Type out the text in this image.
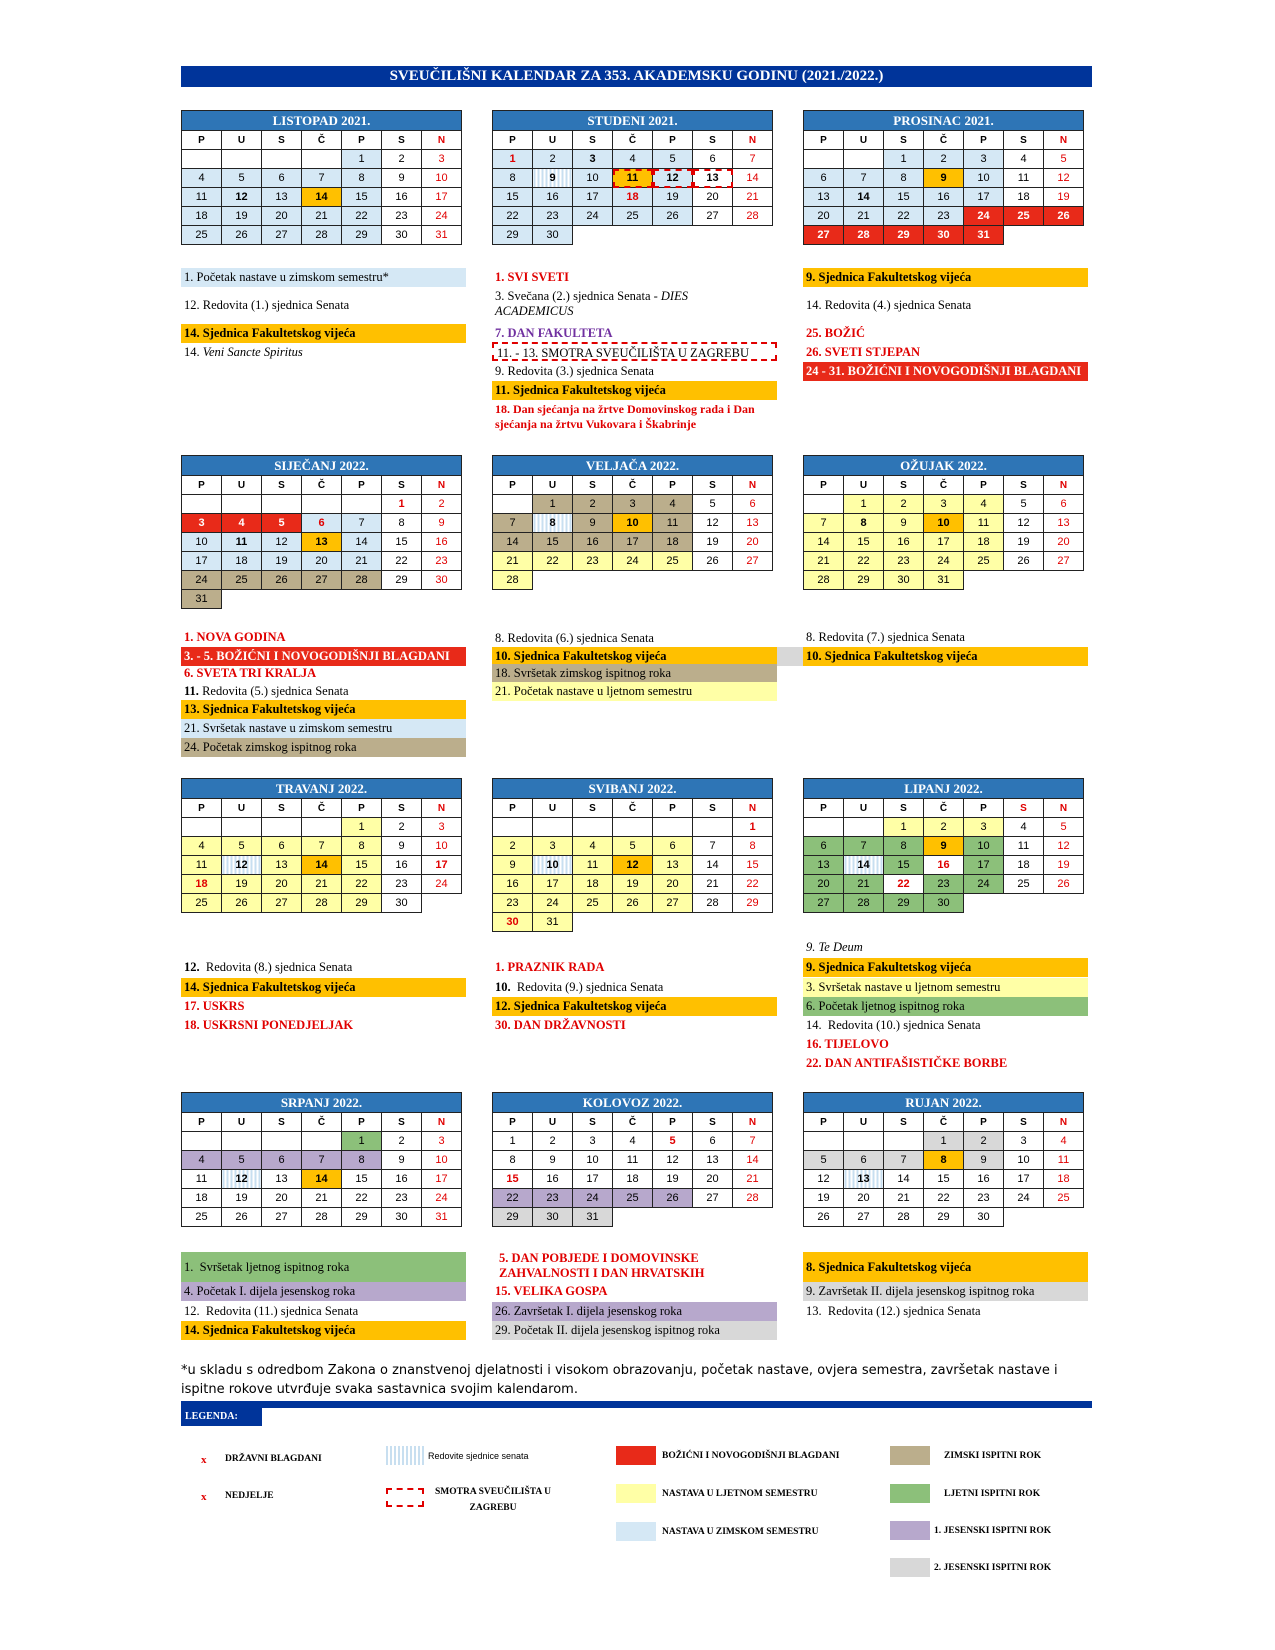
SVEUČILIŠNI KALENDAR ZA 353. AKADEMSKU GODINU (2021./2022.)
LISTOPAD 2021.						
P	U	S	Č	P	S	N
				1	2	3
4	5	6	7	8	9	10
11	12	13	14	15	16	17
18	19	20	21	22	23	24
25	26	27	28	29	30	31
STUDENI 2021.						
P	U	S	Č	P	S	N
1	2	3	4	5	6	7
8	9	10	11	12	13	14
15	16	17	18	19	20	21
22	23	24	25	26	27	28
29	30					
PROSINAC 2021.						
P	U	S	Č	P	S	N
		1	2	3	4	5
6	7	8	9	10	11	12
13	14	15	16	17	18	19
20	21	22	23	24	25	26
27	28	29	30	31		
1. Početak nastave u zimskom semestru*
12. Redovita (1.) sjednica Senata
14. Sjednica Fakultetskog vijeća
14. Veni Sancte Spiritus
1. SVI SVETI
3. Svečana (2.) sjednica Senata - DIES ACADEMICUS
7. DAN FAKULTETA
11. - 13. SMOTRA SVEUČILIŠTA U ZAGREBU
9. Redovita (3.) sjednica Senata
11. Sjednica Fakultetskog vijeća
18. Dan sjećanja na žrtve Domovinskog rada i Dan sjećanja na žrtvu Vukovara i Škabrinje
9. Sjednica Fakultetskog vijeća
14. Redovita (4.) sjednica Senata
25. BOŽIĆ
26. SVETI STJEPAN
24 - 31. BOŽIĆNI I NOVOGODIŠNJI BLAGDANI
SIJEČANJ 2022.						
P	U	S	Č	P	S	N
					1	2
3	4	5	6	7	8	9
10	11	12	13	14	15	16
17	18	19	20	21	22	23
24	25	26	27	28	29	30
31						
VELJAČA 2022.						
P	U	S	Č	P	S	N
	1	2	3	4	5	6
7	8	9	10	11	12	13
14	15	16	17	18	19	20
21	22	23	24	25	26	27
28						
OŽUJAK 2022.						
P	U	S	Č	P	S	N
	1	2	3	4	5	6
7	8	9	10	11	12	13
14	15	16	17	18	19	20
21	22	23	24	25	26	27
28	29	30	31			
1. NOVA GODINA
3. - 5. BOŽIĆNI I NOVOGODIŠNJI BLAGDANI
6. SVETA TRI KRALJA
11. Redovita (5.) sjednica Senata
13. Sjednica Fakultetskog vijeća
21. Svršetak nastave u zimskom semestru
24. Početak zimskog ispitnog roka
8. Redovita (6.) sjednica Senata
10. Sjednica Fakultetskog vijeća
18. Svršetak zimskog ispitnog roka
21. Početak nastave u ljetnom semestru
8. Redovita (7.) sjednica Senata
10. Sjednica Fakultetskog vijeća
TRAVANJ 2022.						
P	U	S	Č	P	S	N
				1	2	3
4	5	6	7	8	9	10
11	12	13	14	15	16	17
18	19	20	21	22	23	24
25	26	27	28	29	30	
SVIBANJ 2022.						
P	U	S	Č	P	S	N
						1
2	3	4	5	6	7	8
9	10	11	12	13	14	15
16	17	18	19	20	21	22
23	24	25	26	27	28	29
30	31					
LIPANJ 2022.						
P	U	S	Č	P	S	N
		1	2	3	4	5
6	7	8	9	10	11	12
13	14	15	16	17	18	19
20	21	22	23	24	25	26
27	28	29	30			
12. Redovita (8.) sjednica Senata
14. Sjednica Fakultetskog vijeća
17. USKRS
18. USKRSNI PONEDJELJAK
1. PRAZNIK RADA
10. Redovita (9.) sjednica Senata
12. Sjednica Fakultetskog vijeća
30. DAN DRŽAVNOSTI
9. Te Deum
9. Sjednica Fakultetskog vijeća
3. Svršetak nastave u ljetnom semestru
6. Početak ljetnog ispitnog roka
14. Redovita (10.) sjednica Senata
16. TIJELOVO
22. DAN ANTIFAŠISTIČKE BORBE
SRPANJ 2022.						
P	U	S	Č	P	S	N
				1	2	3
4	5	6	7	8	9	10
11	12	13	14	15	16	17
18	19	20	21	22	23	24
25	26	27	28	29	30	31
KOLOVOZ 2022.						
P	U	S	Č	P	S	N
1	2	3	4	5	6	7
8	9	10	11	12	13	14
15	16	17	18	19	20	21
22	23	24	25	26	27	28
29	30	31				
RUJAN 2022.						
P	U	S	Č	P	S	N
			1	2	3	4
5	6	7	8	9	10	11
12	13	14	15	16	17	18
19	20	21	22	23	24	25
26	27	28	29	30		
1. Svršetak ljetnog ispitnog roka
4. Početak I. dijela jesenskog roka
12. Redovita (11.) sjednica Senata
14. Sjednica Fakultetskog vijeća
5. DAN POBJEDE I DOMOVINSKE ZAHVALNOSTI I DAN HRVATSKIH
15. VELIKA GOSPA
26. Završetak I. dijela jesenskog roka
29. Početak II. dijela jesenskog ispitnog roka
8. Sjednica Fakultetskog vijeća
9. Završetak II. dijela jesenskog ispitnog roka
13. Redovita (12.) sjednica Senata
*u skladu s odredbom Zakona o znanstvenoj djelatnosti i visokom obrazovanju, početak nastave, ovjera semestra, završetak nastave i ispitne rokove utvrđuje svaka sastavnica svojim kalendarom.
LEGENDA:
x DRŽAVNI BLAGDANI
x NEDJELJE
Redovite sjednice senata
SMOTRA SVEUČILIŠTA U ZAGREBU
BOŽIĆNI I NOVOGODIŠNJI BLAGDANI
NASTAVA U LJETNOM SEMESTRU
NASTAVA U ZIMSKOM SEMESTRU
ZIMSKI ISPITNI ROK
LJETNI ISPITNI ROK
1. JESENSKI ISPITNI ROK
2. JESENSKI ISPITNI ROK
